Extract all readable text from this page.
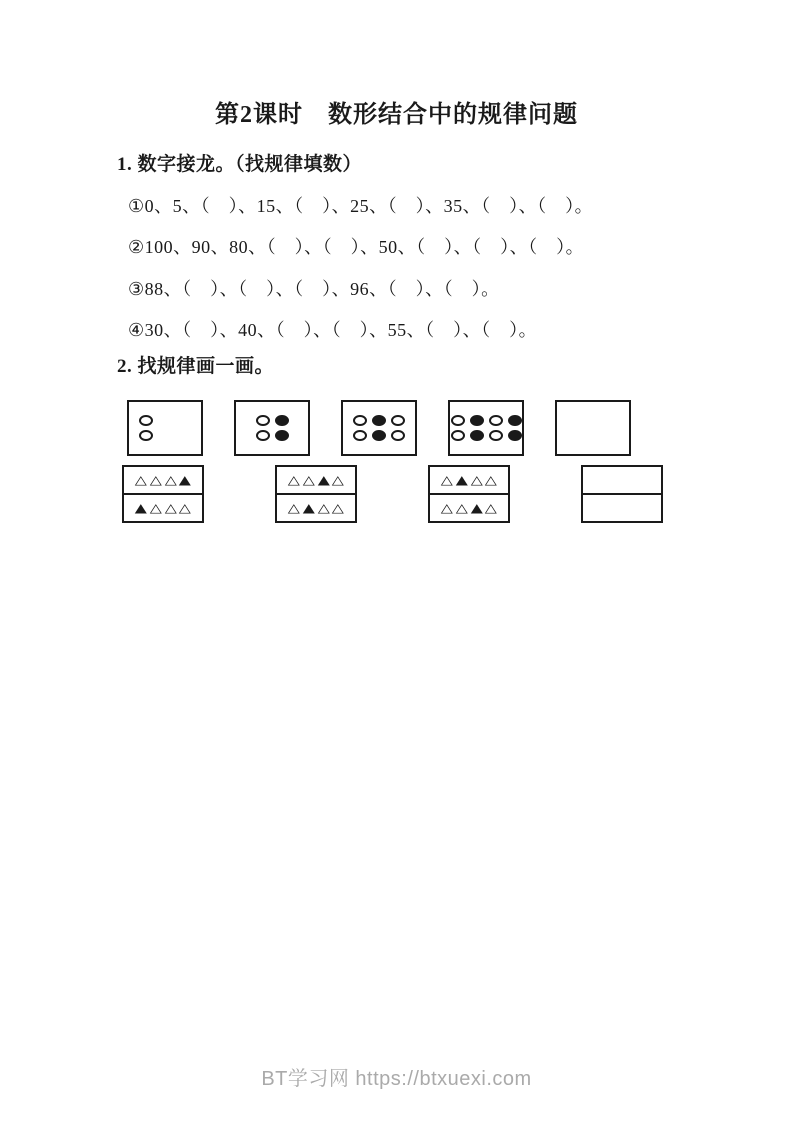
第2课时　数形结合中的规律问题
1. 数字接龙。（找规律填数）
①0、5、（　）、15、（　）、25、（　）、35、（　）、（　）。
②100、90、80、（　）、（　）、50、（　）、（　）、（　）。
③88、（　）、（　）、（　）、96、（　）、（　）。
④30、（　）、40、（　）、（　）、55、（　）、（　）。
2. 找规律画一画。
△ △ △ ▲
▲ △ △ △
△ △ ▲ △
△ ▲ △ △
△ ▲ △ △
△ △ ▲ △
BT学习网 https://btxuexi.com
